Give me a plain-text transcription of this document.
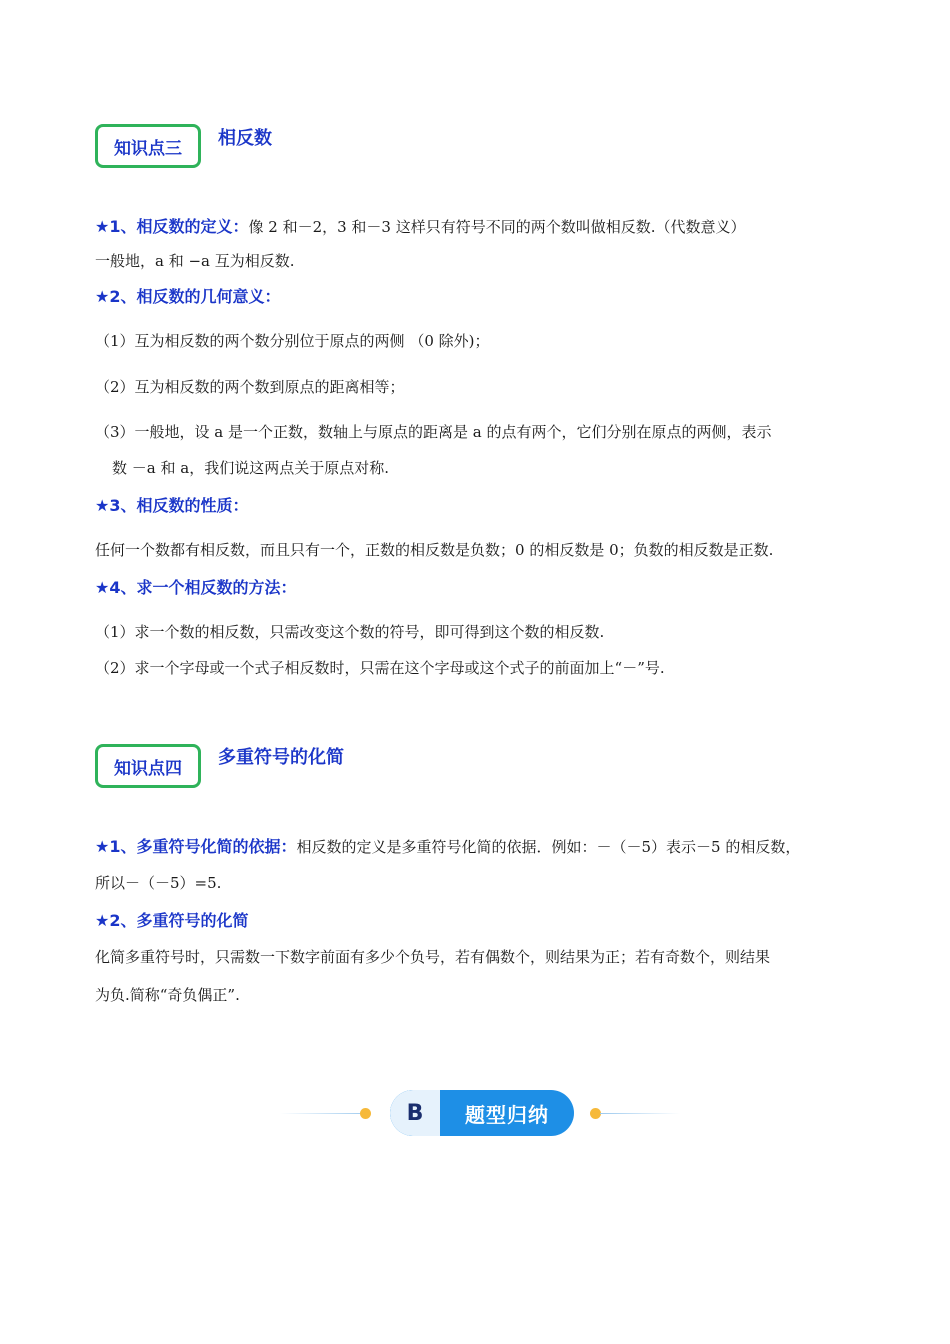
知识点三	相反数
★1、相反数的定义：像 2 和－2，3 和－3 这样只有符号不同的两个数叫做相反数.（代数意义）
一般地，a 和 −a 互为相反数.
★2、相反数的几何意义：
（1）互为相反数的两个数分别位于原点的两侧 （0 除外)；
（2）互为相反数的两个数到原点的距离相等；
（3）一般地，设 a 是一个正数，数轴上与原点的距离是 a 的点有两个，它们分别在原点的两侧，表示
数 －a 和 a，我们说这两点关于原点对称.
★3、相反数的性质：
任何一个数都有相反数，而且只有一个，正数的相反数是负数；0 的相反数是 0；负数的相反数是正数.
★4、求一个相反数的方法：
（1）求一个数的相反数，只需改变这个数的符号，即可得到这个数的相反数.
（2）求一个字母或一个式子相反数时，只需在这个字母或这个式子的前面加上“－”号.
知识点四
多重符号的化简
★1、多重符号化简的依据：相反数的定义是多重符号化简的依据．例如：－（－5）表示－5 的相反数，
所以－（－5）=5.
★2、多重符号的化简
化简多重符号时，只需数一下数字前面有多少个负号，若有偶数个，则结果为正；若有奇数个，则结果
为负.简称“奇负偶正”.
B	题型归纳
